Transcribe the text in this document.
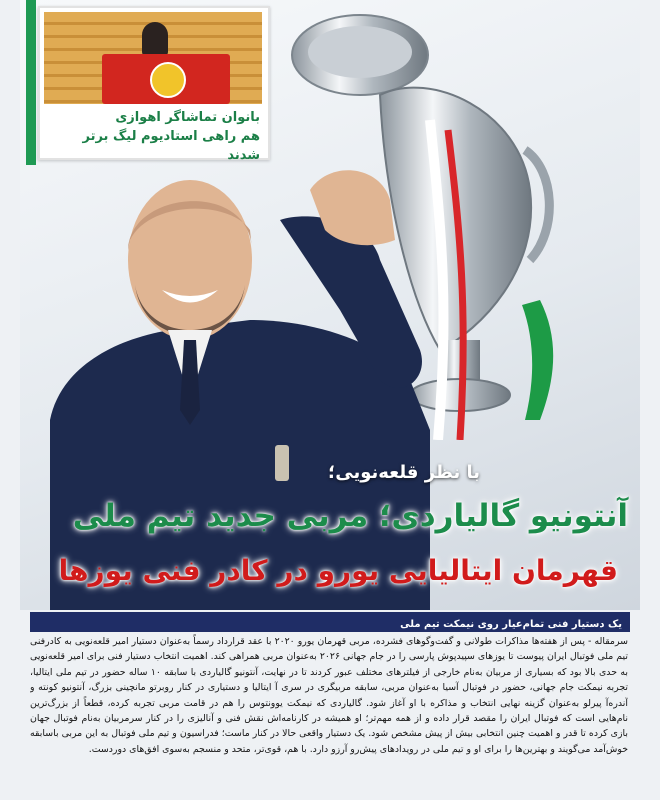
بانوان تماشاگر اهوازی
هم راهی استادیوم لیگ برتر شدند
با نظر قلعه‌نویی؛
آنتونیو گالیاردی؛ مربی جدید تیم ملی
قهرمان ایتالیایی یورو در کادر فنی یوزها
یک دستیار فنی تمام‌عیار روی نیمکت تیم ملی
سرمقاله - پس از هفته‌ها مذاکرات طولانی و گفت‌وگوهای فشرده، مربی قهرمان یورو ۲۰۲۰ با عقد قرارداد رسماً به‌عنوان دستیار امیر قلعه‌نویی به کادرفنی تیم ملی فوتبال ایران پیوست تا یوزهای سپیدپوش پارسی را در جام جهانی ۲۰۲۶ به‌عنوان مربی همراهی کند. اهمیت انتخاب دستیار فنی برای امیر قلعه‌نویی به حدی بالا بود که بسیاری از مربیان به‌نام خارجی از فیلترهای مختلف عبور کردند تا در نهایت، آنتونیو گالیاردی با سابقه ۱۰ ساله حضور در تیم ملی ایتالیا، تجربه نیمکت جام جهانی، حضور در فوتبال آسیا به‌عنوان مربی، سابقه مربیگری در سری آ ایتالیا و دستیاری در کنار روبرتو مانچینی بزرگ، آنتونیو کونته و آندره‌آ پیرلو به‌عنوان گزینه نهایی انتخاب و مذاکره با او آغاز شود. گالیاردی که نیمکت یوونتوس را هم در قامت مربی تجربه کرده، قطعاً از بزرگ‌ترین نام‌هایی است که فوتبال ایران را مقصد قرار داده و از همه مهم‌تر؛ او همیشه در کارنامه‌اش نقش فنی و آنالیزی را در کنار سرمربیان به‌نام فوتبال جهان بازی کرده تا قدر و اهمیت چنین انتخابی بیش از پیش مشخص شود. یک دستیار واقعی حالا در کنار ماست؛ فدراسیون و تیم ملی فوتبال به این مربی باسابقه خوش‌آمد می‌گویند و بهترین‌ها را برای او و تیم ملی در رویدادهای پیش‌رو آرزو دارد. با هم، قوی‌تر، متحد و منسجم به‌سوی افق‌های دوردست.
